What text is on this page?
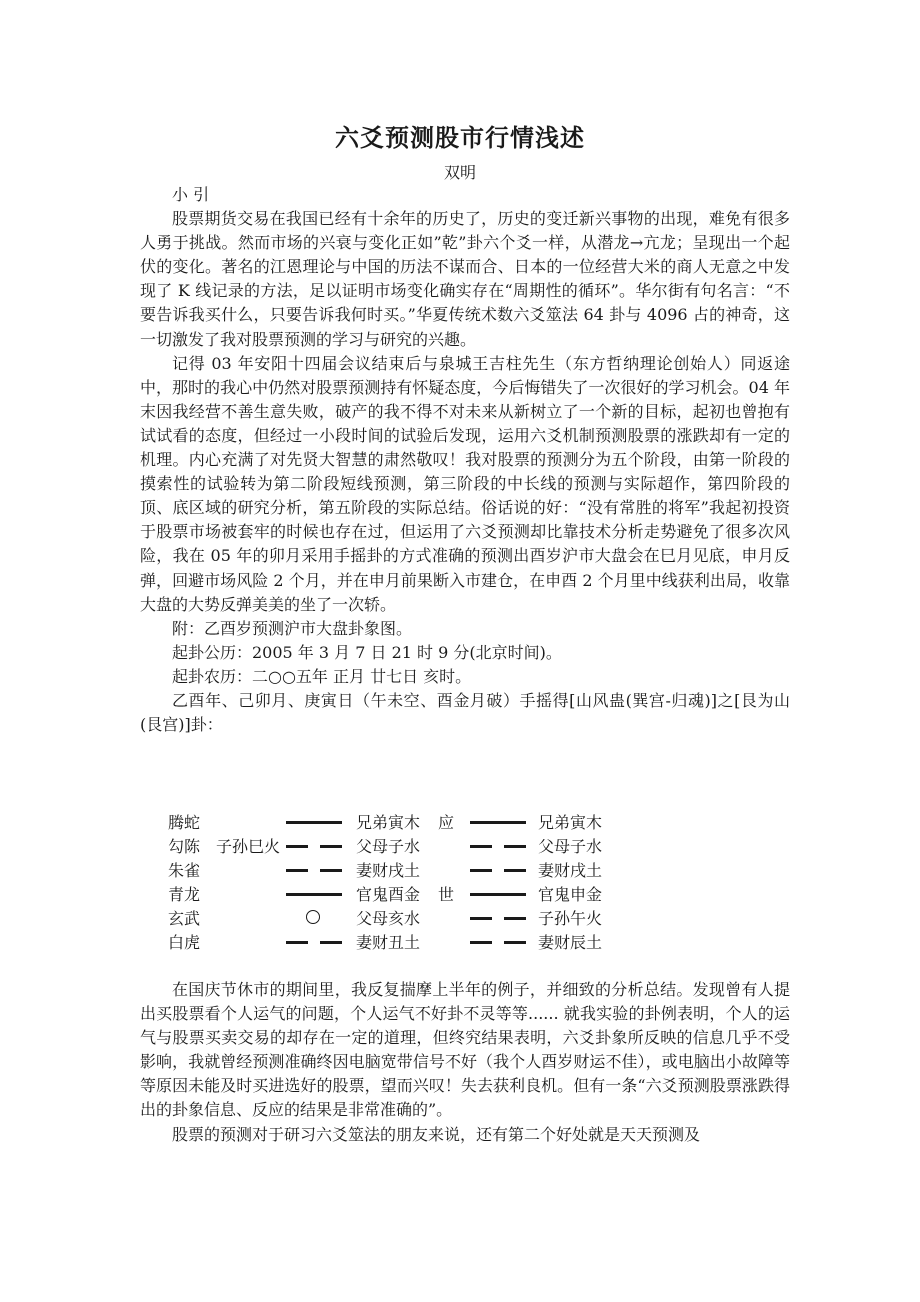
六爻预测股市行情浅述
双明

小 引

股票期货交易在我国已经有十余年的历史了，历史的变迁新兴事物的出现，难免有很多人勇于挑战。然而市场的兴衰与变化正如”乾”卦六个爻一样，从潜龙→亢龙；呈现出一个起伏的变化。著名的江恩理论与中国的历法不谋而合、日本的一位经营大米的商人无意之中发现了 K 线记录的方法，足以证明市场变化确实存在“周期性的循环”。华尔街有句名言：“不要告诉我买什么，只要告诉我何时买。”华夏传统术数六爻筮法 64 卦与 4096 占的神奇，这一切激发了我对股票预测的学习与研究的兴趣。

记得 03 年安阳十四届会议结束后与泉城王吉柱先生（东方哲纳理论创始人）同返途中，那时的我心中仍然对股票预测持有怀疑态度，今后悔错失了一次很好的学习机会。04 年末因我经营不善生意失败，破产的我不得不对未来从新树立了一个新的目标，起初也曾抱有试试看的态度，但经过一小段时间的试验后发现，运用六爻机制预测股票的涨跌却有一定的机理。内心充满了对先贤大智慧的肃然敬叹！我对股票的预测分为五个阶段，由第一阶段的摸索性的试验转为第二阶段短线预测，第三阶段的中长线的预测与实际超作，第四阶段的顶、底区域的研究分析，第五阶段的实际总结。俗话说的好：“没有常胜的将军”我起初投资于股票市场被套牢的时候也存在过，但运用了六爻预测却比靠技术分析走势避免了很多次风险，我在 05 年的卯月采用手摇卦的方式准确的预测出酉岁沪市大盘会在巳月见底，申月反弹，回避市场风险 2 个月，并在申月前果断入市建仓，在申酉 2 个月里中线获利出局，收靠大盘的大势反弹美美的坐了一次轿。

附：乙酉岁预测沪市大盘卦象图。

起卦公历：2005 年 3 月 7 日 21 时 9 分(北京时间)。

起卦农历：二○○五年 正月 廿七日 亥时。

乙酉年、己卯月、庚寅日（午未空、酉金月破）手摇得[山风蛊(巽宫-归魂)]之[艮为山(艮宫)]卦：

腾蛇	兄弟寅木 应	兄弟寅木
勾陈 子孙巳火	父母子水	父母子水
朱雀	妻财戌土	妻财戌土
青龙	官鬼酉金 世	官鬼申金
玄武	父母亥水	子孙午火
白虎	妻财丑土	妻财辰土

在国庆节休市的期间里，我反复揣摩上半年的例子，并细致的分析总结。发现曾有人提出买股票看个人运气的问题，个人运气不好卦不灵等等...... 就我实验的卦例表明，个人的运气与股票买卖交易的却存在一定的道理，但终究结果表明，六爻卦象所反映的信息几乎不受影响，我就曾经预测准确终因电脑宽带信号不好（我个人酉岁财运不佳），或电脑出小故障等等原因未能及时买进选好的股票，望而兴叹！失去获利良机。但有一条“六爻预测股票涨跌得出的卦象信息、反应的结果是非常准确的”。

股票的预测对于研习六爻筮法的朋友来说，还有第二个好处就是天天预测及
